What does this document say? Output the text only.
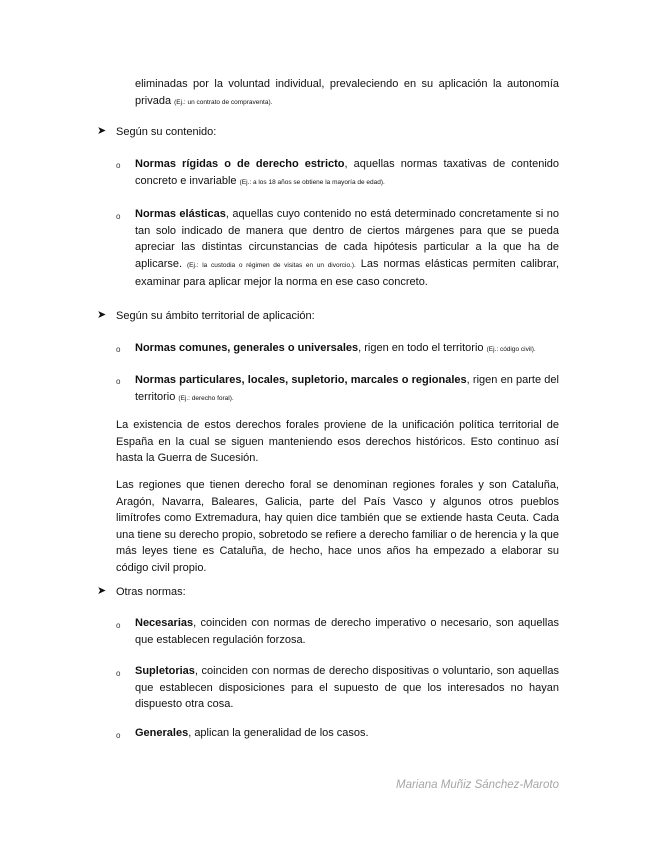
eliminadas por la voluntad individual, prevaleciendo en su aplicación la autonomía privada (Ej.: un contrato de compraventa).
➤ Según su contenido:
o Normas rígidas o de derecho estricto, aquellas normas taxativas de contenido concreto e invariable (Ej.: a los 18 años se obtiene la mayoría de edad).
o Normas elásticas, aquellas cuyo contenido no está determinado concretamente si no tan solo indicado de manera que dentro de ciertos márgenes para que se pueda apreciar las distintas circunstancias de cada hipótesis particular a la que ha de aplicarse. (Ej.: la custodia o régimen de visitas en un divorcio.). Las normas elásticas permiten calibrar, examinar para aplicar mejor la norma en ese caso concreto.
➤ Según su ámbito territorial de aplicación:
o Normas comunes, generales o universales, rigen en todo el territorio (Ej.: código civil).
o Normas particulares, locales, supletorio, marcales o regionales, rigen en parte del territorio (Ej.: derecho foral).
La existencia de estos derechos forales proviene de la unificación política territorial de España en la cual se siguen manteniendo esos derechos históricos. Esto continuo así hasta la Guerra de Sucesión.
Las regiones que tienen derecho foral se denominan regiones forales y son Cataluña, Aragón, Navarra, Baleares, Galicia, parte del País Vasco y algunos otros pueblos limítrofes como Extremadura, hay quien dice también que se extiende hasta Ceuta. Cada una tiene su derecho propio, sobretodo se refiere a derecho familiar o de herencia y la que más leyes tiene es Cataluña, de hecho, hace unos años ha empezado a elaborar su código civil propio.
➤ Otras normas:
o Necesarias, coinciden con normas de derecho imperativo o necesario, son aquellas que establecen regulación forzosa.
o Supletorias, coinciden con normas de derecho dispositivas o voluntario, son aquellas que establecen disposiciones para el supuesto de que los interesados no hayan dispuesto otra cosa.
o Generales, aplican la generalidad de los casos.
Mariana Muñiz Sánchez-Maroto
